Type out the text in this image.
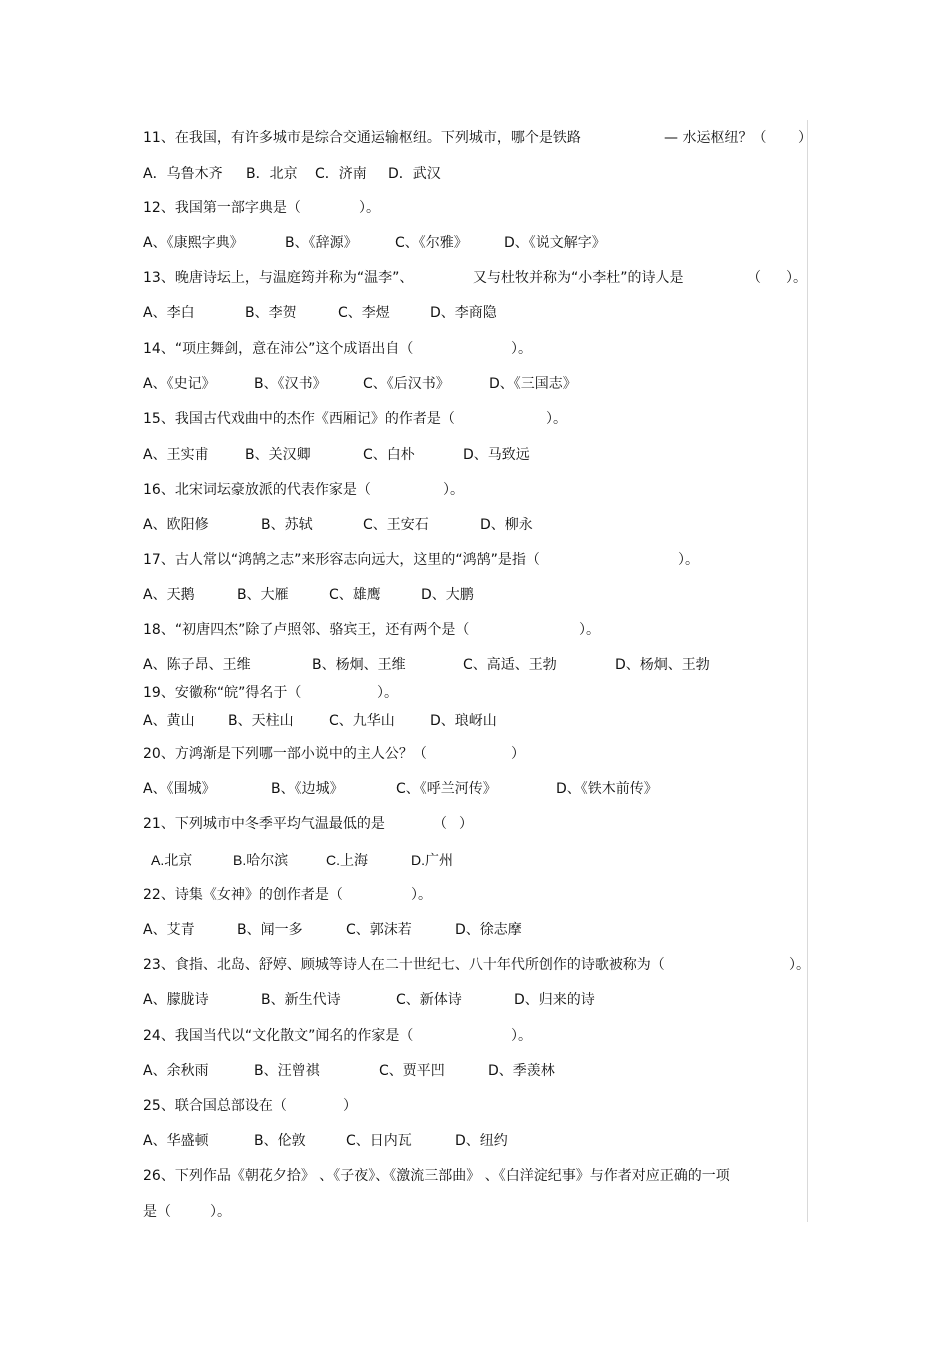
11、在我国，有许多城市是综合交通运输枢纽。下列城市，哪个是铁路

	— 水运枢纽？（

）

A．乌鲁木齐

B．北京

C．济南

D．武汉

12、我国第一部字典是（

	）。

A、《康熙字典》

	B、《辞源》

	C、《尔雅》

	D、《说文解字》

13、晚唐诗坛上，与温庭筠并称为“温李”、

	又与杜牧并称为“小李杜”的诗人是

	（

）。

A、李白

	B、李贺

	C、李煜

	D、李商隐

14、“项庄舞剑，意在沛公”这个成语出自（

	）。

A、《史记》

	B、《汉书》

	C、《后汉书》

	D、《三国志》

15、我国古代戏曲中的杰作《西厢记》的作者是（

	）。

A、王实甫

	B、关汉卿

	C、白朴

	D、马致远

16、北宋词坛豪放派的代表作家是（

	）。

A、欧阳修

	B、苏轼

	C、王安石

	D、柳永

17、古人常以“鸿鹄之志”来形容志向远大，这里的“鸿鹄”是指（

	）。

A、天鹅

	B、大雁

	C、雄鹰

	D、大鹏

18、“初唐四杰”除了卢照邻、骆宾王，还有两个是（

	）。

A、陈子昂、王维

	B、杨炯、王维

	C、高适、王勃

	D、杨炯、王勃

19、安徽称“皖”得名于（

	）。

A、黄山

B、天柱山

	C、九华山

	D、琅岈山

20、方鸿渐是下列哪一部小说中的主人公？（

	）

A、《围城》

	B、《边城》

	C、《呼兰河传》

	D、《铁木前传》

21、下列城市中冬季平均气温最低的是

	（

）

A.北京

	B.哈尔滨

	C.上海

	D.广州

22、诗集《女神》的创作者是（

	）。

A、艾青

	B、闻一多

	C、郭沫若

	D、徐志摩

23、食指、北岛、舒婷、顾城等诗人在二十世纪七、八十年代所创作的诗歌被称为（

	）。

A、朦胧诗

	B、新生代诗

	C、新体诗

	D、归来的诗

24、我国当代以“文化散文”闻名的作家是（

	）。

A、余秋雨

	B、汪曾祺

	C、贾平凹

	D、季羡林

25、联合国总部设在（

	）

A、华盛顿

	B、伦敦

	C、日内瓦

	D、纽约

26、下列作品《朝花夕拾》 、《子夜》、《激流三部曲》 、《白洋淀纪事》与作者对应正确的一项

是（

	）。
